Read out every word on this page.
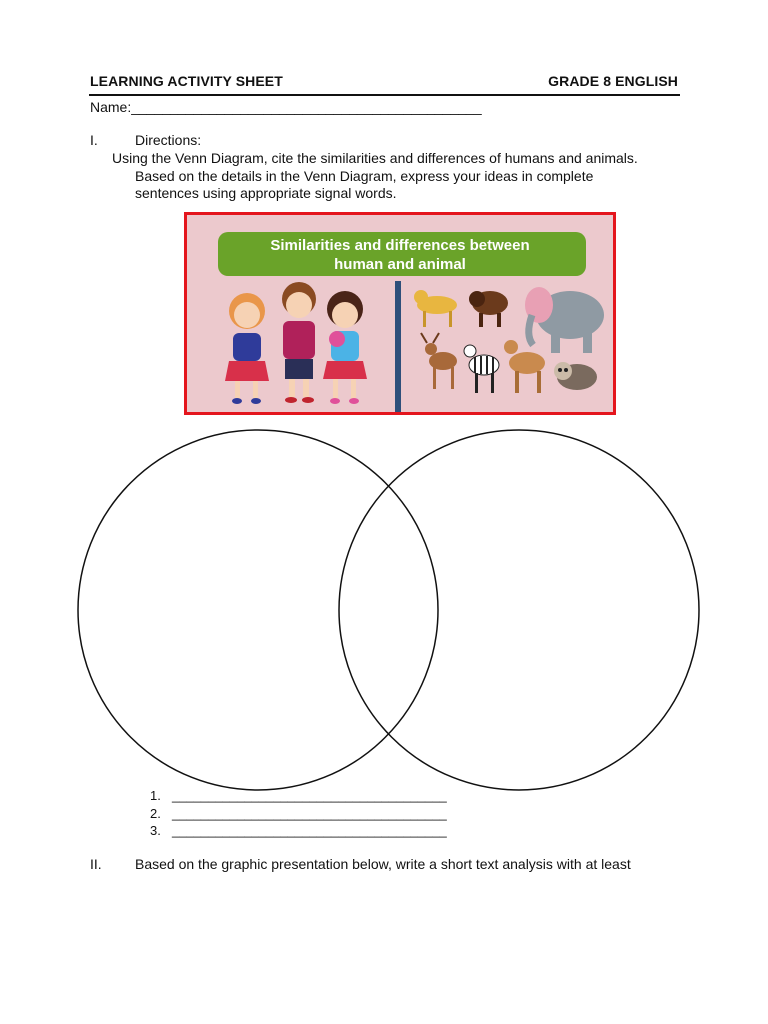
LEARNING ACTIVITY SHEET	GRADE 8 ENGLISH
Name:_____________________________________________
I.	Directions:
Using the Venn Diagram, cite the similarities and differences of humans and animals.
Based on the details in the Venn Diagram, express your ideas in complete
sentences using appropriate signal words.
Similarities and differences between
human and animal
1. ______________________________________
2. ______________________________________
3. ______________________________________
II. Based on the graphic presentation below, write a short text analysis with at least
